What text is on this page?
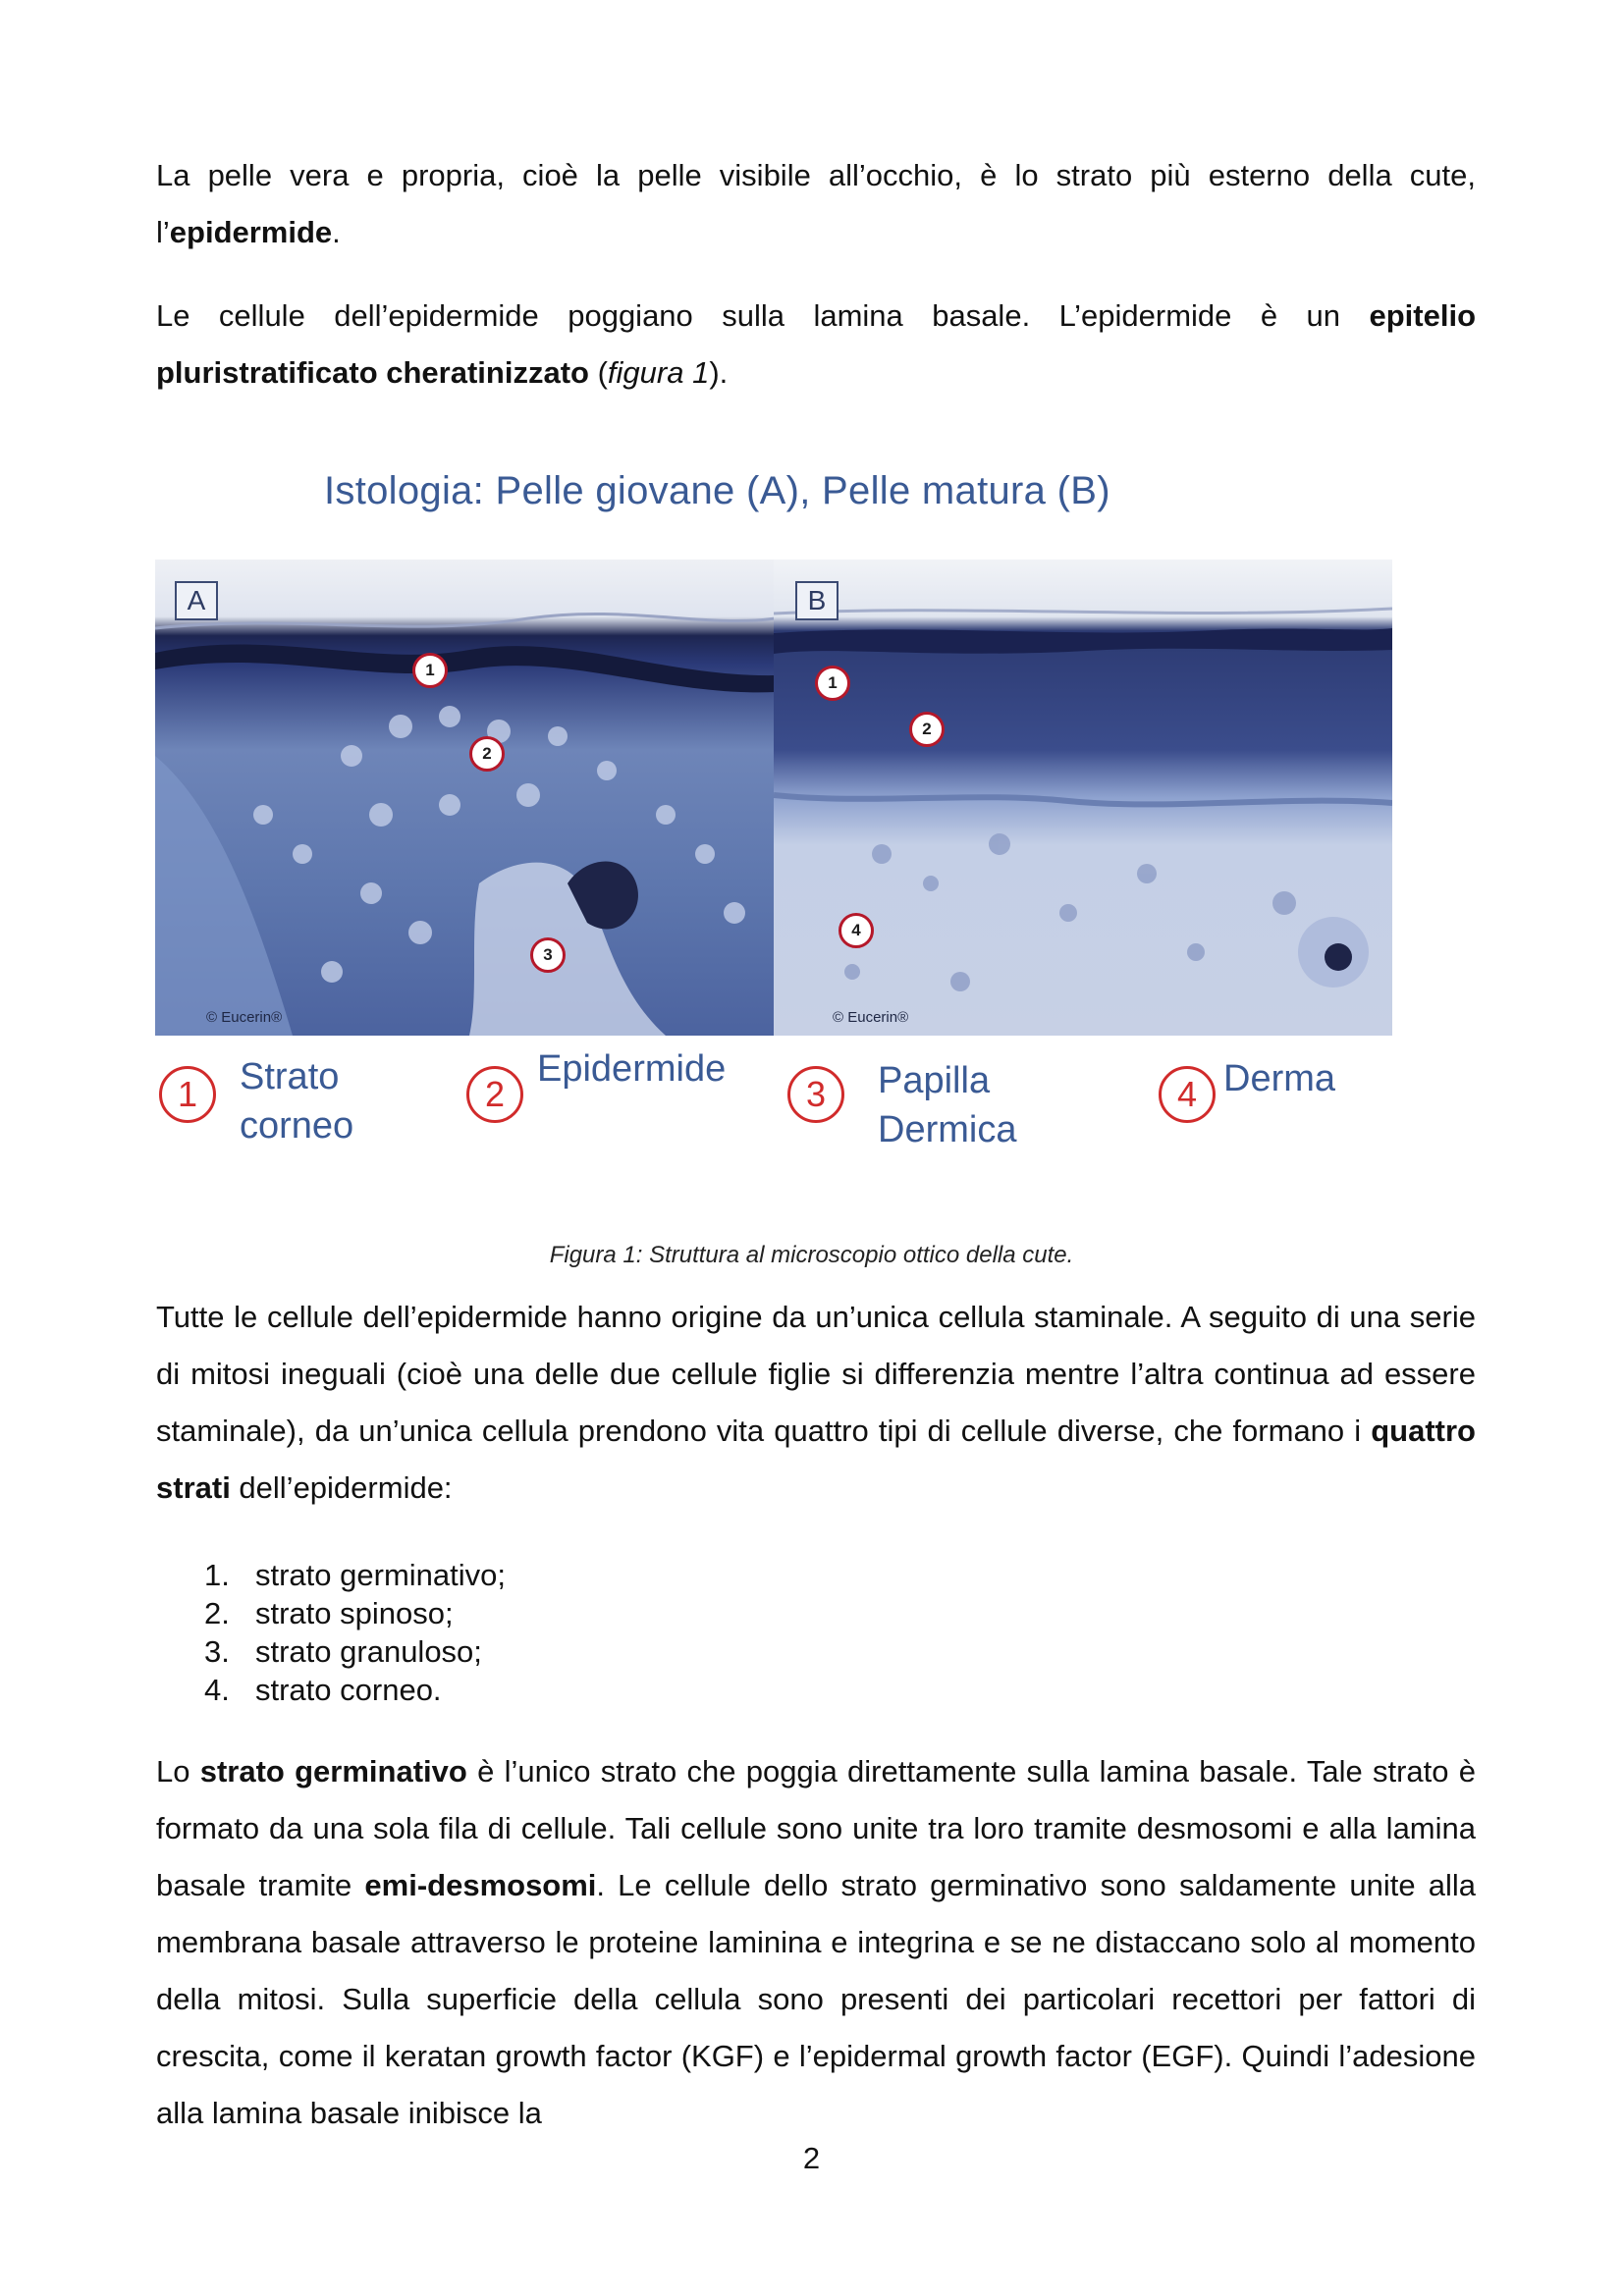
La pelle vera e propria, cioè la pelle visibile all’occhio, è lo strato più esterno della cute, l’epidermide.

Le cellule dell’epidermide poggiano sulla lamina basale. L’epidermide è un epitelio pluristratificato cheratinizzato (figura 1).

Istologia: Pelle giovane (A), Pelle matura (B)
A
1
2
3
© Eucerin®
B
1
2
4
© Eucerin®
1	Strato
corneo
2
Epidermide
3	Papilla
Dermica
4 Derma
Figura 1: Struttura al microscopio ottico della cute.

Tutte le cellule dell’epidermide hanno origine da un’unica cellula staminale. A seguito di una serie di mitosi ineguali (cioè una delle due cellule figlie si differenzia mentre l’altra continua ad essere staminale), da un’unica cellula prendono vita quattro tipi di cellule diverse, che formano i quattro strati dell’epidermide:

1. strato germinativo;
2. strato spinoso;
3. strato granuloso;
4. strato corneo.

Lo strato germinativo è l’unico strato che poggia direttamente sulla lamina basale. Tale strato è formato da una sola fila di cellule. Tali cellule sono unite tra loro tramite desmosomi e alla lamina basale tramite emi-desmosomi. Le cellule dello strato germinativo sono saldamente unite alla membrana basale attraverso le proteine laminina e integrina e se ne distaccano solo al momento della mitosi. Sulla superficie della cellula sono presenti dei particolari recettori per fattori di crescita, come il keratan growth factor (KGF) e l’epidermal growth factor (EGF). Quindi l’adesione alla lamina basale inibisce la

2
